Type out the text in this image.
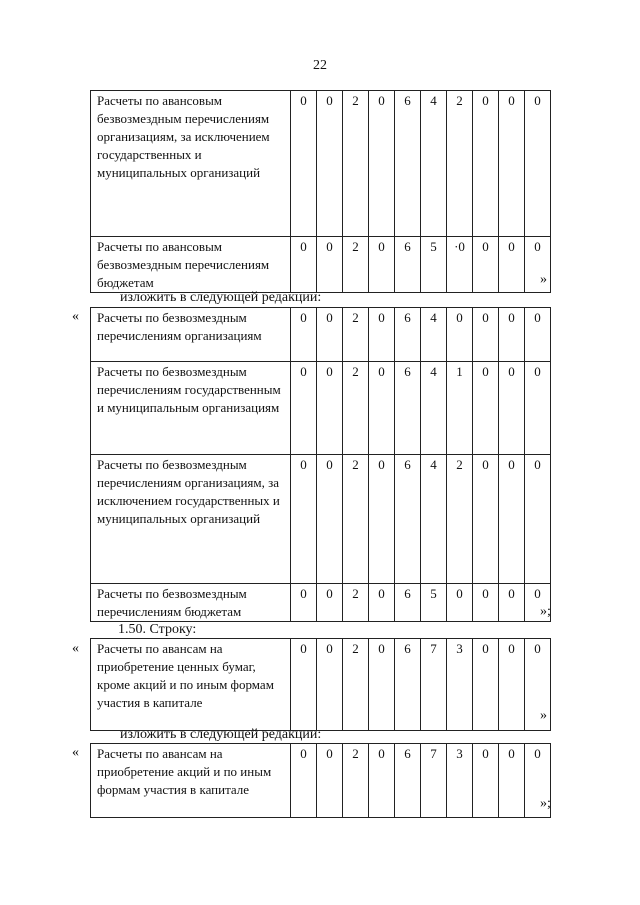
22
Расчеты по авансовым безвозмездным перечислениям организациям, за исключением государственных и муниципальных организаций	0	0	2	0	6	4	2	0	0	0
Расчеты по авансовым безвозмездным перечислениям бюджетам	0	0	2	0	6	5	·0	0	0	0
»
изложить в следующей редакции:
« Расчеты по безвозмездным перечислениям организациям	0	0	2	0	6	4	0	0	0	0
Расчеты по безвозмездным перечислениям государственным и муниципальным организациям	0	0	2	0	6	4	1	0	0	0
Расчеты по безвозмездным перечислениям организациям, за исключением государственных и муниципальных организаций	0	0	2	0	6	4	2	0	0	0
Расчеты по безвозмездным перечислениям бюджетам	0	0	2	0	6	5	0	0	0	0
»;
1.50. Строку:
« Расчеты по авансам на приобретение ценных бумаг, кроме акций и по иным формам участия в капитале	0	0	2	0	6	7	3	0	0	0
»
изложить в следующей редакции:
« Расчеты по авансам на приобретение акций и по иным формам участия в капитале	0	0	2	0	6	7	3	0	0	0
»;
